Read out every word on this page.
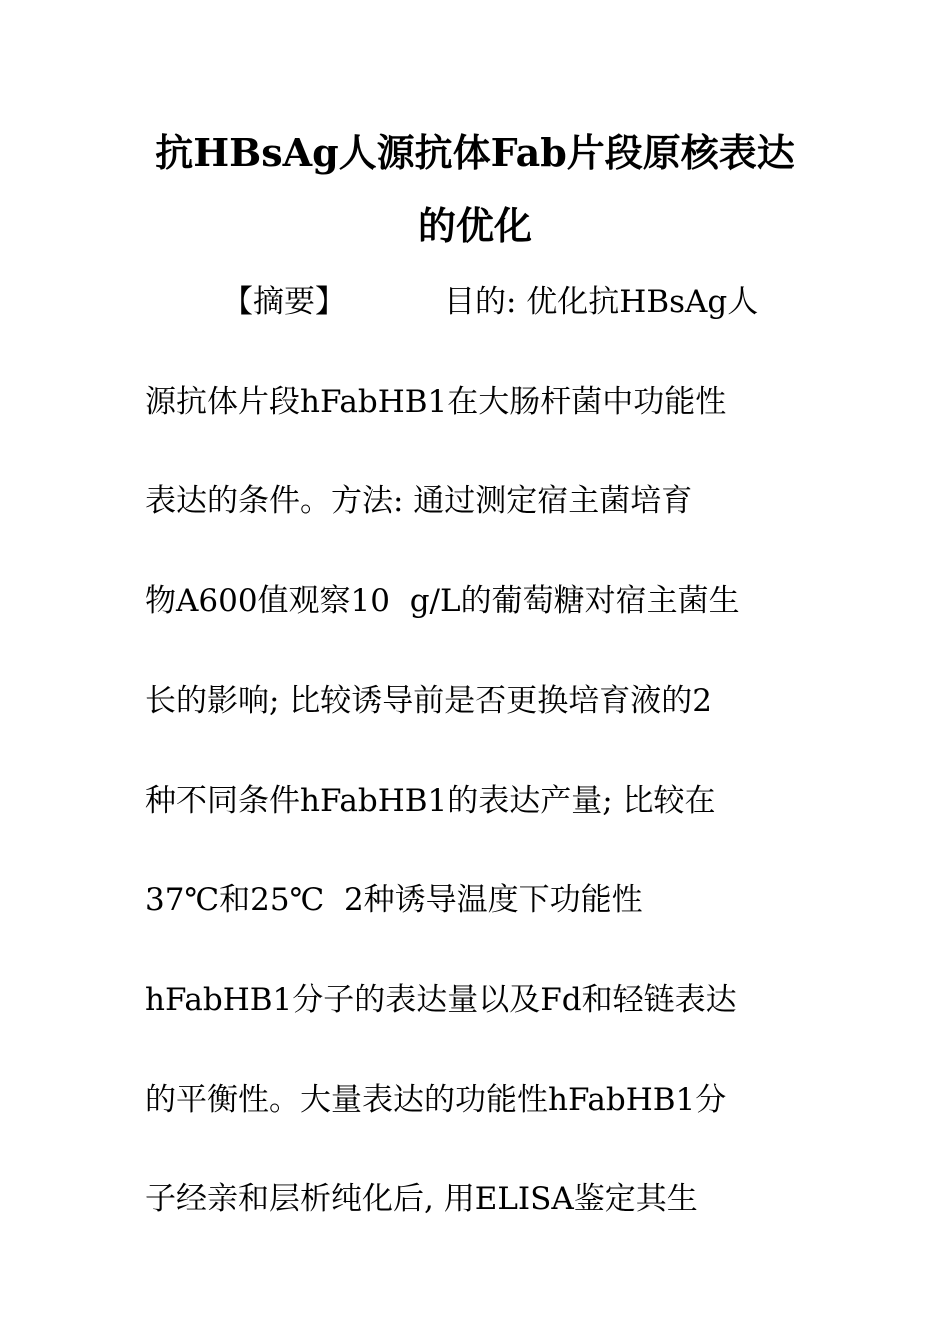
抗HBsAg人源抗体Fab片段原核表达
的优化
【摘要】	目的: 优化抗HBsAg人
源抗体片段hFabHB1在大肠杆菌中功能性
表达的条件。方法: 通过测定宿主菌培育
物A600值观察10  g/L的葡萄糖对宿主菌生
长的影响; 比较诱导前是否更换培育液的2
种不同条件hFabHB1的表达产量; 比较在
37℃和25℃  2种诱导温度下功能性
hFabHB1分子的表达量以及Fd和轻链表达
的平衡性。大量表达的功能性hFabHB1分
子经亲和层析纯化后, 用ELISA鉴定其生
